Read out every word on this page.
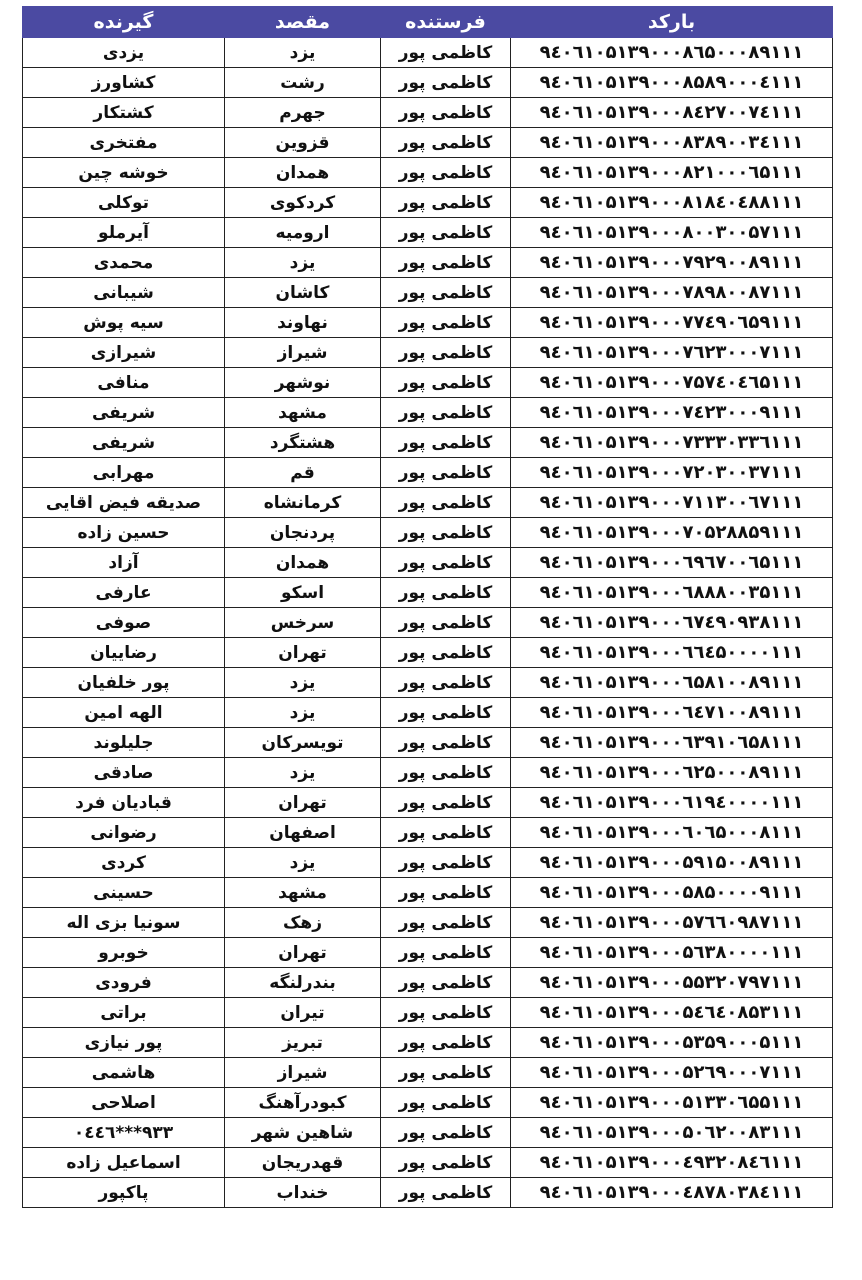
بارکد	فرستنده	مقصد	گیرنده
۹٤۰٦۱۰۵۱۳۹۰۰۰۸٦۵۰۰۰۸۹۱۱۱	کاظمی پور	یزد	یزدی
۹٤۰٦۱۰۵۱۳۹۰۰۰۸۵۸۹۰۰۰٤۱۱۱	کاظمی پور	رشت	کشاورز
۹٤۰٦۱۰۵۱۳۹۰۰۰۸٤۲۷۰۰۷٤۱۱۱	کاظمی پور	جهرم	کشتکار
۹٤۰٦۱۰۵۱۳۹۰۰۰۸۳۸۹۰۰۳٤۱۱۱	کاظمی پور	قزوین	مفتخری
۹٤۰٦۱۰۵۱۳۹۰۰۰۸۲۱۰۰۰٦۵۱۱۱	کاظمی پور	همدان	خوشه چین
۹٤۰٦۱۰۵۱۳۹۰۰۰۸۱۸٤۰٤۸۸۱۱۱	کاظمی پور	کردکوی	توکلی
۹٤۰٦۱۰۵۱۳۹۰۰۰۸۰۰۳۰۰۵۷۱۱۱	کاظمی پور	ارومیه	آیرملو
۹٤۰٦۱۰۵۱۳۹۰۰۰۷۹۲۹۰۰۸۹۱۱۱	کاظمی پور	یزد	محمدی
۹٤۰٦۱۰۵۱۳۹۰۰۰۷۸۹۸۰۰۸۷۱۱۱	کاظمی پور	کاشان	شیبانی
۹٤۰٦۱۰۵۱۳۹۰۰۰۷۷٤۹۰٦۵۹۱۱۱	کاظمی پور	نهاوند	سیه پوش
۹٤۰٦۱۰۵۱۳۹۰۰۰۷٦۲۳۰۰۰۷۱۱۱	کاظمی پور	شیراز	شیرازی
۹٤۰٦۱۰۵۱۳۹۰۰۰۷۵۷٤۰٤٦۵۱۱۱	کاظمی پور	نوشهر	منافی
۹٤۰٦۱۰۵۱۳۹۰۰۰۷٤۲۳۰۰۰۹۱۱۱	کاظمی پور	مشهد	شریفی
۹٤۰٦۱۰۵۱۳۹۰۰۰۷۳۳۳۰۳۳٦۱۱۱	کاظمی پور	هشتگرد	شریفی
۹٤۰٦۱۰۵۱۳۹۰۰۰۷۲۰۳۰۰۳۷۱۱۱	کاظمی پور	قم	مهرابی
۹٤۰٦۱۰۵۱۳۹۰۰۰۷۱۱۳۰۰٦۷۱۱۱	کاظمی پور	کرمانشاه	صدیقه فیض اقایی
۹٤۰٦۱۰۵۱۳۹۰۰۰۷۰۵۲۸۸۵۹۱۱۱	کاظمی پور	پردنجان	حسین زاده
۹٤۰٦۱۰۵۱۳۹۰۰۰٦۹٦۷۰۰٦۵۱۱۱	کاظمی پور	همدان	آزاد
۹٤۰٦۱۰۵۱۳۹۰۰۰٦۸۸۸۰۰۳۵۱۱۱	کاظمی پور	اسکو	عارفی
۹٤۰٦۱۰۵۱۳۹۰۰۰٦۷٤۹۰۹۳۸۱۱۱	کاظمی پور	سرخس	صوفی
۹٤۰٦۱۰۵۱۳۹۰۰۰٦٦٤۵۰۰۰۰۱۱۱	کاظمی پور	تهران	رضاییان
۹٤۰٦۱۰۵۱۳۹۰۰۰٦۵۸۱۰۰۸۹۱۱۱	کاظمی پور	یزد	پور خلفیان
۹٤۰٦۱۰۵۱۳۹۰۰۰٦٤۷۱۰۰۸۹۱۱۱	کاظمی پور	یزد	الهه امین
۹٤۰٦۱۰۵۱۳۹۰۰۰٦۳۹۱۰٦۵۸۱۱۱	کاظمی پور	تویسرکان	جلیلوند
۹٤۰٦۱۰۵۱۳۹۰۰۰٦۲۵۰۰۰۸۹۱۱۱	کاظمی پور	یزد	صادقی
۹٤۰٦۱۰۵۱۳۹۰۰۰٦۱۹٤۰۰۰۰۱۱۱	کاظمی پور	تهران	قبادیان فرد
۹٤۰٦۱۰۵۱۳۹۰۰۰٦۰٦۵۰۰۰۸۱۱۱	کاظمی پور	اصفهان	رضوانی
۹٤۰٦۱۰۵۱۳۹۰۰۰۵۹۱۵۰۰۸۹۱۱۱	کاظمی پور	یزد	کردی
۹٤۰٦۱۰۵۱۳۹۰۰۰۵۸۵۰۰۰۰۹۱۱۱	کاظمی پور	مشهد	حسینی
۹٤۰٦۱۰۵۱۳۹۰۰۰۵۷٦٦۰۹۸۷۱۱۱	کاظمی پور	زهک	سونیا بزی اله
۹٤۰٦۱۰۵۱۳۹۰۰۰۵٦۳۸۰۰۰۰۱۱۱	کاظمی پور	تهران	خوبرو
۹٤۰٦۱۰۵۱۳۹۰۰۰۵۵۳۲۰۷۹۷۱۱۱	کاظمی پور	بندرلنگه	فرودی
۹٤۰٦۱۰۵۱۳۹۰۰۰۵٤٦٤۰۸۵۳۱۱۱	کاظمی پور	تیران	براتی
۹٤۰٦۱۰۵۱۳۹۰۰۰۵۳۵۹۰۰۰۵۱۱۱	کاظمی پور	تبریز	پور نیازی
۹٤۰٦۱۰۵۱۳۹۰۰۰۵۲٦۹۰۰۰۷۱۱۱	کاظمی پور	شیراز	هاشمی
۹٤۰٦۱۰۵۱۳۹۰۰۰۵۱۳۳۰٦۵۵۱۱۱	کاظمی پور	کبودرآهنگ	اصلاحی
۹٤۰٦۱۰۵۱۳۹۰۰۰۵۰٦۲۰۰۸۳۱۱۱	کاظمی پور	شاهین شهر	۹۳۳***۰٤٤٦
۹٤۰٦۱۰۵۱۳۹۰۰۰٤۹۳۲۰۸٤٦۱۱۱	کاظمی پور	قهدریجان	اسماعیل زاده
۹٤۰٦۱۰۵۱۳۹۰۰۰٤۸۷۸۰۳۸٤۱۱۱	کاظمی پور	خنداب	پاکپور
